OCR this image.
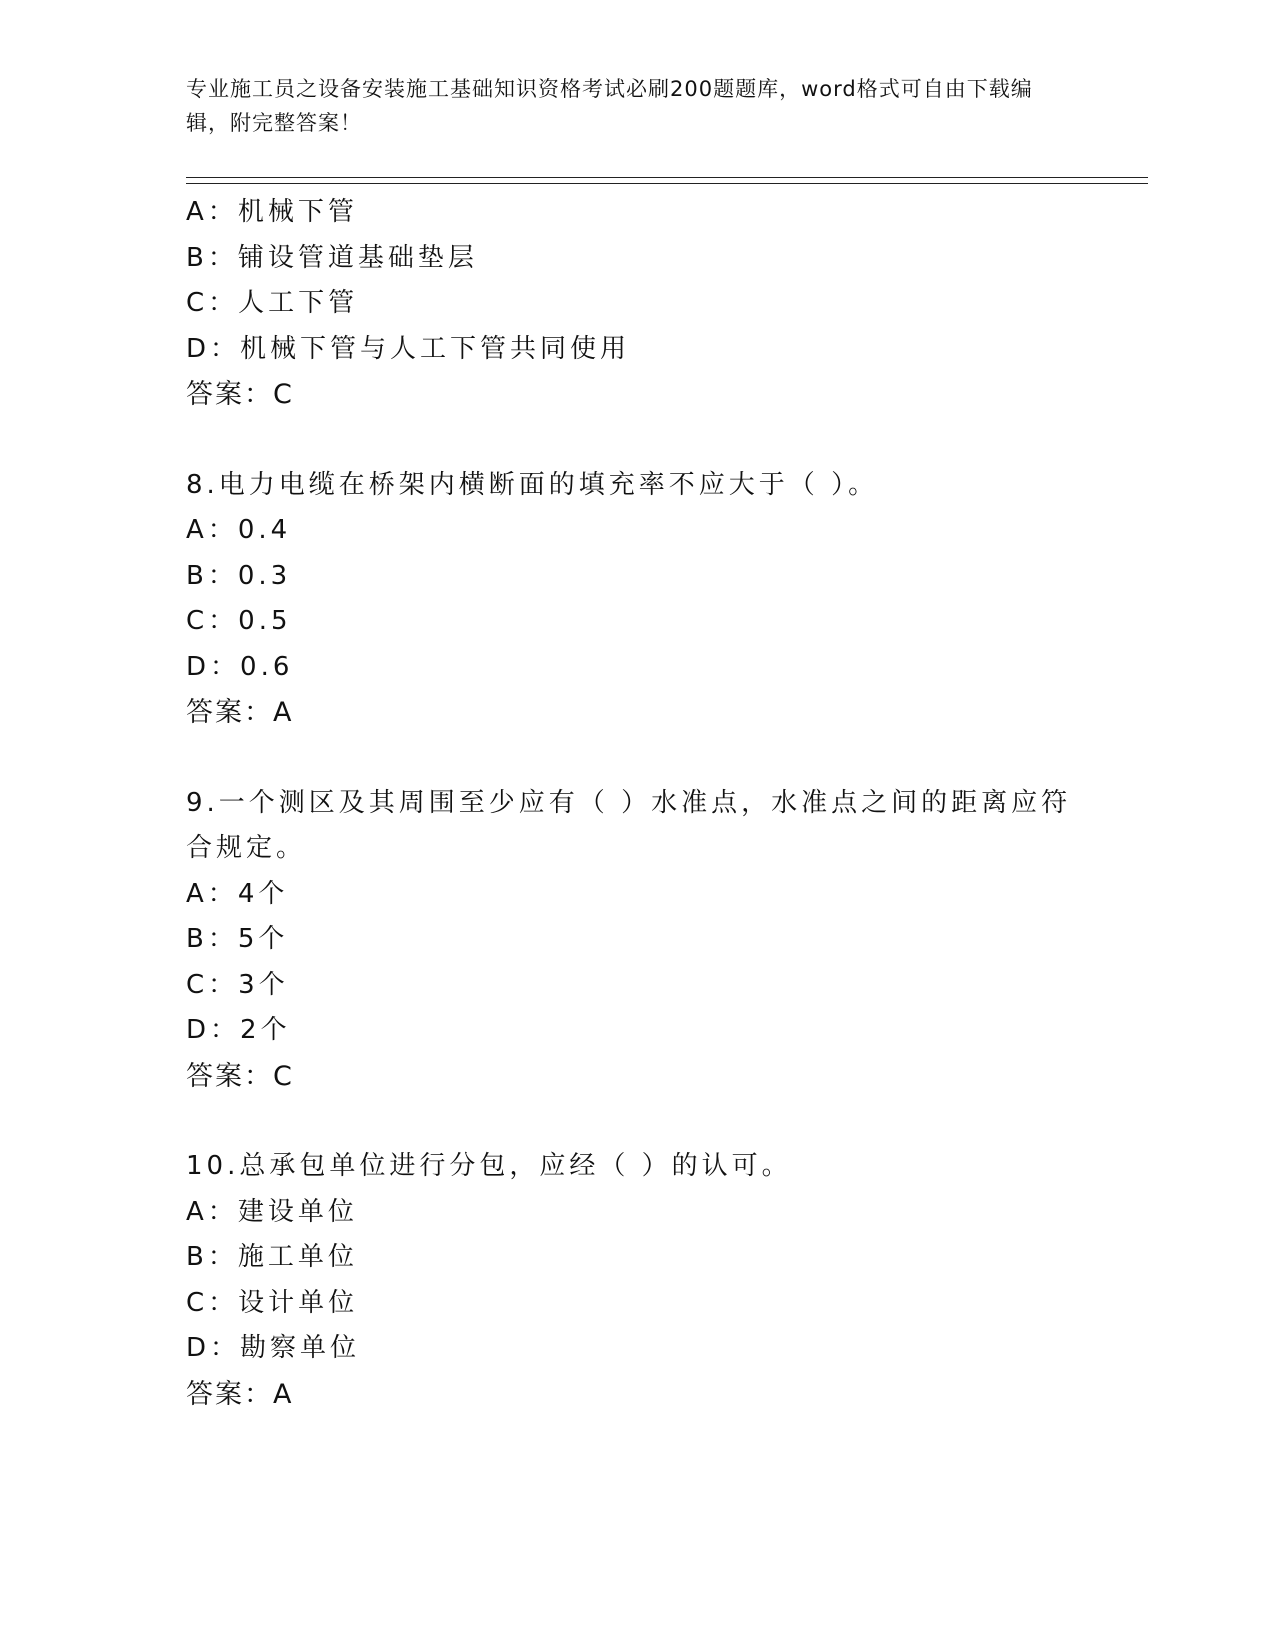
专业施工员之设备安装施工基础知识资格考试必刷200题题库，word格式可自由下载编辑，附完整答案！
A：机械下管
B：铺设管道基础垫层
C：人工下管
D：机械下管与人工下管共同使用
答案：C
8.电力电缆在桥架内横断面的填充率不应大于（ ）。
A：0.4
B：0.3
C：0.5
D：0.6
答案：A
9.一个测区及其周围至少应有（ ）水准点，水准点之间的距离应符合规定。
A：4个
B：5个
C：3个
D：2个
答案：C
10.总承包单位进行分包，应经（ ）的认可。
A：建设单位
B：施工单位
C：设计单位
D：勘察单位
答案：A
